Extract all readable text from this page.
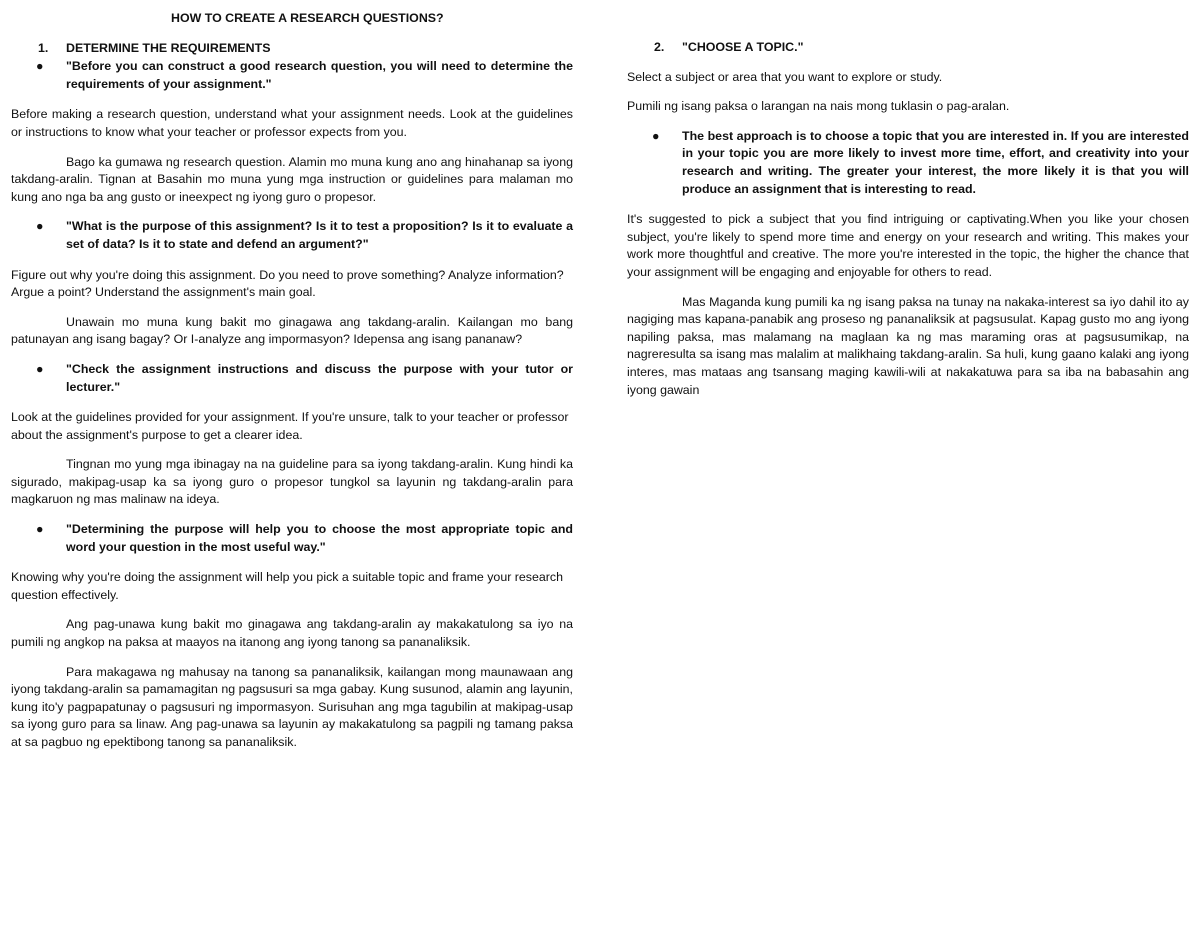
HOW TO CREATE A RESEARCH QUESTIONS?
1.	DETERMINE THE REQUIREMENTS
●	"Before you can construct a good research question, you will need to determine the requirements of your assignment."

Before making a research question, understand what your assignment needs. Look at the guidelines or instructions to know what your teacher or professor expects from you.

Bago ka gumawa ng research question. Alamin mo muna kung ano ang hinahanap sa iyong takdang-aralin. Tignan at Basahin mo muna yung mga instruction or guidelines para malaman mo kung ano nga ba ang gusto or ineexpect ng iyong guro o propesor.

●	"What is the purpose of this assignment? Is it to test a proposition? Is it to evaluate a set of data? Is it to state and defend an argument?"

Figure out why you're doing this assignment. Do you need to prove something? Analyze information? Argue a point? Understand the assignment's main goal.

Unawain mo muna kung bakit mo ginagawa ang takdang-aralin. Kailangan mo bang patunayan ang isang bagay? Or I-analyze ang impormasyon? Idepensa ang isang pananaw?

●	"Check the assignment instructions and discuss the purpose with your tutor or lecturer."

Look at the guidelines provided for your assignment. If you're unsure, talk to your teacher or professor about the assignment's purpose to get a clearer idea.

Tingnan mo yung mga ibinagay na na guideline para sa iyong takdang-aralin. Kung hindi ka sigurado, makipag-usap ka sa iyong guro o propesor tungkol sa layunin ng takdang-aralin para magkaruon ng mas malinaw na ideya.

●	"Determining the purpose will help you to choose the most appropriate topic and word your question in the most useful way."

Knowing why you're doing the assignment will help you pick a suitable topic and frame your research question effectively.

Ang pag-unawa kung bakit mo ginagawa ang takdang-aralin ay makakatulong sa iyo na pumili ng angkop na paksa at maayos na itanong ang iyong tanong sa pananaliksik.

Para makagawa ng mahusay na tanong sa pananaliksik, kailangan mong maunawaan ang iyong takdang-aralin sa pamamagitan ng pagsusuri sa mga gabay. Kung susunod, alamin ang layunin, kung ito'y pagpapatunay o pagsusuri ng impormasyon. Surisuhan ang mga tagubilin at makipag-usap sa iyong guro para sa linaw. Ang pag-unawa sa layunin ay makakatulong sa pagpili ng tamang paksa at sa pagbuo ng epektibong tanong sa pananaliksik.

2.	"CHOOSE A TOPIC."

Select a subject or area that you want to explore or study.

Pumili ng isang paksa o larangan na nais mong tuklasin o pag-aralan.

●	The best approach is to choose a topic that you are interested in. If you are interested in your topic you are more likely to invest more time, effort, and creativity into your research and writing. The greater your interest, the more likely it is that you will produce an assignment that is interesting to read.

It's suggested to pick a subject that you find intriguing or captivating.When you like your chosen subject, you're likely to spend more time and energy on your research and writing. This makes your work more thoughtful and creative. The more you're interested in the topic, the higher the chance that your assignment will be engaging and enjoyable for others to read.

Mas Maganda kung pumili ka ng isang paksa na tunay na nakaka-interest sa iyo dahil ito ay nagiging mas kapana-panabik ang proseso ng pananaliksik at pagsusulat. Kapag gusto mo ang iyong napiling paksa, mas malamang na maglaan ka ng mas maraming oras at pagsusumikap, na nagreresulta sa isang mas malalim at malikhaing takdang-aralin. Sa huli, kung gaano kalaki ang iyong interes, mas mataas ang tsansang maging kawili-wili at nakakatuwa para sa iba na babasahin ang iyong gawain
